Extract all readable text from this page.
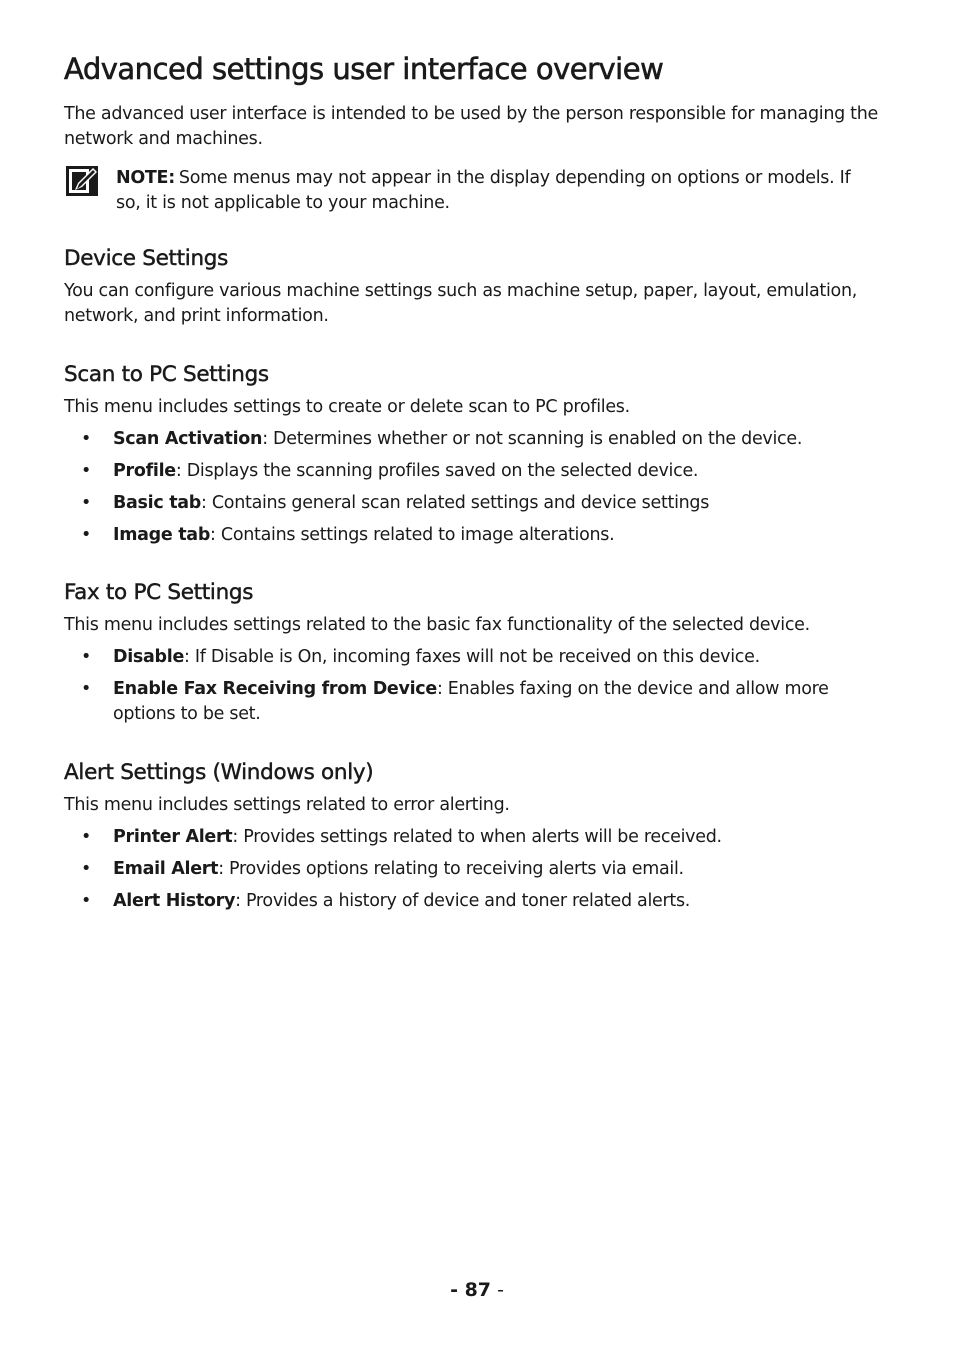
Advanced settings user interface overview

The advanced user interface is intended to be used by the person responsible for managing the network and machines.

NOTE: Some menus may not appear in the display depending on options or models. If so, it is not applicable to your machine.
Device Settings

You can configure various machine settings such as machine setup, paper, layout, emulation, network, and print information.

Scan to PC Settings

This menu includes settings to create or delete scan to PC profiles.

• Scan Activation: Determines whether or not scanning is enabled on the device.
• Profile: Displays the scanning profiles saved on the selected device.
• Basic tab: Contains general scan related settings and device settings
• Image tab: Contains settings related to image alterations.
Fax to PC Settings

This menu includes settings related to the basic fax functionality of the selected device.

• Disable: If Disable is On, incoming faxes will not be received on this device.
• Enable Fax Receiving from Device: Enables faxing on the device and allow more options to be set.
Alert Settings (Windows only)

This menu includes settings related to error alerting.

• Printer Alert: Provides settings related to when alerts will be received.
• Email Alert: Provides options relating to receiving alerts via email.
• Alert History: Provides a history of device and toner related alerts.
- 87 -
